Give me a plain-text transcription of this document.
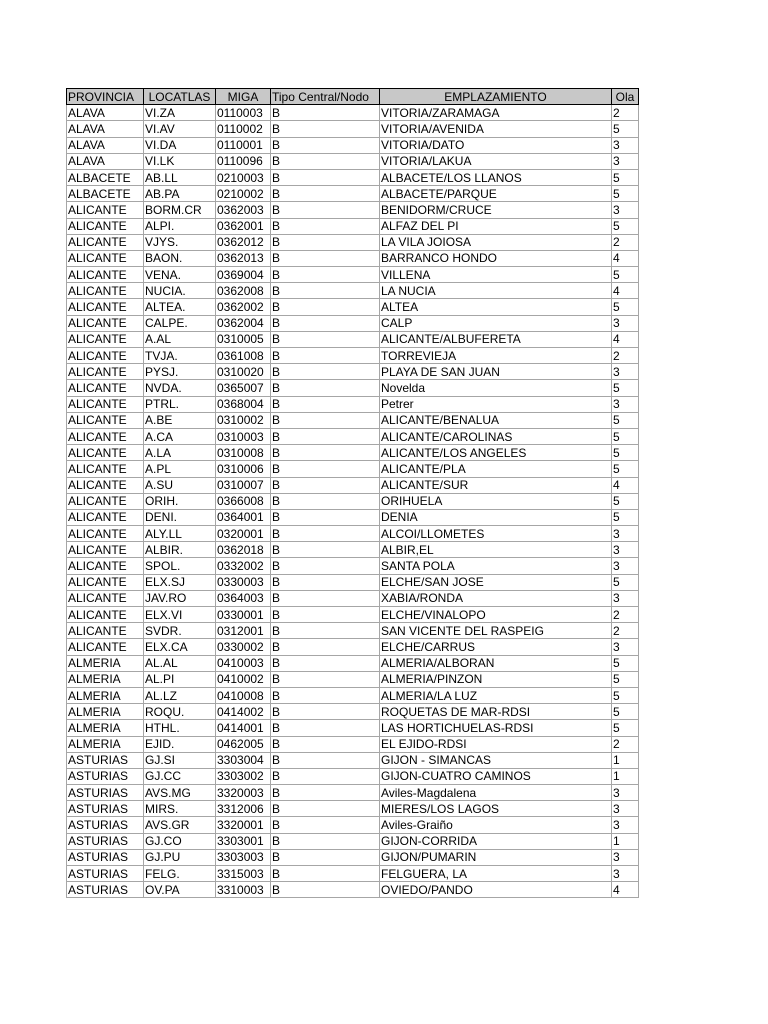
PROVINCIA	LOCATLAS	MIGA	Tipo Central/Nodo	EMPLAZAMIENTO	Ola
ALAVA	VI.ZA	0110003	B	VITORIA/ZARAMAGA	2
ALAVA	VI.AV	0110002	B	VITORIA/AVENIDA	5
ALAVA	VI.DA	0110001	B	VITORIA/DATO	3
ALAVA	VI.LK	0110096	B	VITORIA/LAKUA	3
ALBACETE	AB.LL	0210003	B	ALBACETE/LOS LLANOS	5
ALBACETE	AB.PA	0210002	B	ALBACETE/PARQUE	5
ALICANTE	BORM.CR	0362003	B	BENIDORM/CRUCE	3
ALICANTE	ALPI.	0362001	B	ALFAZ DEL PI	5
ALICANTE	VJYS.	0362012	B	LA VILA JOIOSA	2
ALICANTE	BAON.	0362013	B	BARRANCO HONDO	4
ALICANTE	VENA.	0369004	B	VILLENA	5
ALICANTE	NUCIA.	0362008	B	LA NUCIA	4
ALICANTE	ALTEA.	0362002	B	ALTEA	5
ALICANTE	CALPE.	0362004	B	CALP	3
ALICANTE	A.AL	0310005	B	ALICANTE/ALBUFERETA	4
ALICANTE	TVJA.	0361008	B	TORREVIEJA	2
ALICANTE	PYSJ.	0310020	B	PLAYA DE SAN JUAN	3
ALICANTE	NVDA.	0365007	B	Novelda	5
ALICANTE	PTRL.	0368004	B	Petrer	3
ALICANTE	A.BE	0310002	B	ALICANTE/BENALUA	5
ALICANTE	A.CA	0310003	B	ALICANTE/CAROLINAS	5
ALICANTE	A.LA	0310008	B	ALICANTE/LOS ANGELES	5
ALICANTE	A.PL	0310006	B	ALICANTE/PLA	5
ALICANTE	A.SU	0310007	B	ALICANTE/SUR	4
ALICANTE	ORIH.	0366008	B	ORIHUELA	5
ALICANTE	DENI.	0364001	B	DENIA	5
ALICANTE	ALY.LL	0320001	B	ALCOI/LLOMETES	3
ALICANTE	ALBIR.	0362018	B	ALBIR,EL	3
ALICANTE	SPOL.	0332002	B	SANTA POLA	3
ALICANTE	ELX.SJ	0330003	B	ELCHE/SAN JOSE	5
ALICANTE	JAV.RO	0364003	B	XABIA/RONDA	3
ALICANTE	ELX.VI	0330001	B	ELCHE/VINALOPO	2
ALICANTE	SVDR.	0312001	B	SAN VICENTE DEL RASPEIG	2
ALICANTE	ELX.CA	0330002	B	ELCHE/CARRUS	3
ALMERIA	AL.AL	0410003	B	ALMERIA/ALBORAN	5
ALMERIA	AL.PI	0410002	B	ALMERIA/PINZON	5
ALMERIA	AL.LZ	0410008	B	ALMERIA/LA LUZ	5
ALMERIA	ROQU.	0414002	B	ROQUETAS DE MAR-RDSI	5
ALMERIA	HTHL.	0414001	B	LAS HORTICHUELAS-RDSI	5
ALMERIA	EJID.	0462005	B	EL EJIDO-RDSI	2
ASTURIAS	GJ.SI	3303004	B	GIJON - SIMANCAS	1
ASTURIAS	GJ.CC	3303002	B	GIJON-CUATRO CAMINOS	1
ASTURIAS	AVS.MG	3320003	B	Aviles-Magdalena	3
ASTURIAS	MIRS.	3312006	B	MIERES/LOS LAGOS	3
ASTURIAS	AVS.GR	3320001	B	Aviles-Graiño	3
ASTURIAS	GJ.CO	3303001	B	GIJON-CORRIDA	1
ASTURIAS	GJ.PU	3303003	B	GIJON/PUMARIN	3
ASTURIAS	FELG.	3315003	B	FELGUERA, LA	3
ASTURIAS	OV.PA	3310003	B	OVIEDO/PANDO	4
